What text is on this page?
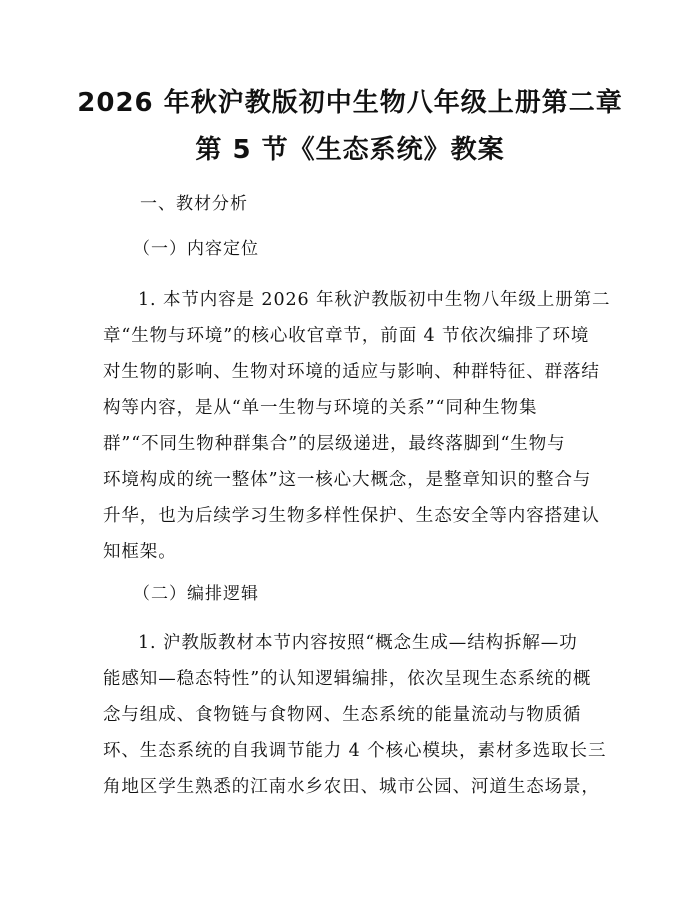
2026 年秋沪教版初中生物八年级上册第二章
第 5 节《生态系统》教案
一、教材分析
（一）内容定位
1. 本节内容是 2026 年秋沪教版初中生物八年级上册第二
章“生物与环境”的核心收官章节，前面 4 节依次编排了环境
对生物的影响、生物对环境的适应与影响、种群特征、群落结
构等内容，是从“单一生物与环境的关系”“同种生物集
群”“不同生物种群集合”的层级递进，最终落脚到“生物与
环境构成的统一整体”这一核心大概念，是整章知识的整合与
升华，也为后续学习生物多样性保护、生态安全等内容搭建认
知框架。
（二）编排逻辑
1. 沪教版教材本节内容按照“概念生成—结构拆解—功
能感知—稳态特性”的认知逻辑编排，依次呈现生态系统的概
念与组成、食物链与食物网、生态系统的能量流动与物质循
环、生态系统的自我调节能力 4 个核心模块，素材多选取长三
角地区学生熟悉的江南水乡农田、城市公园、河道生态场景，
